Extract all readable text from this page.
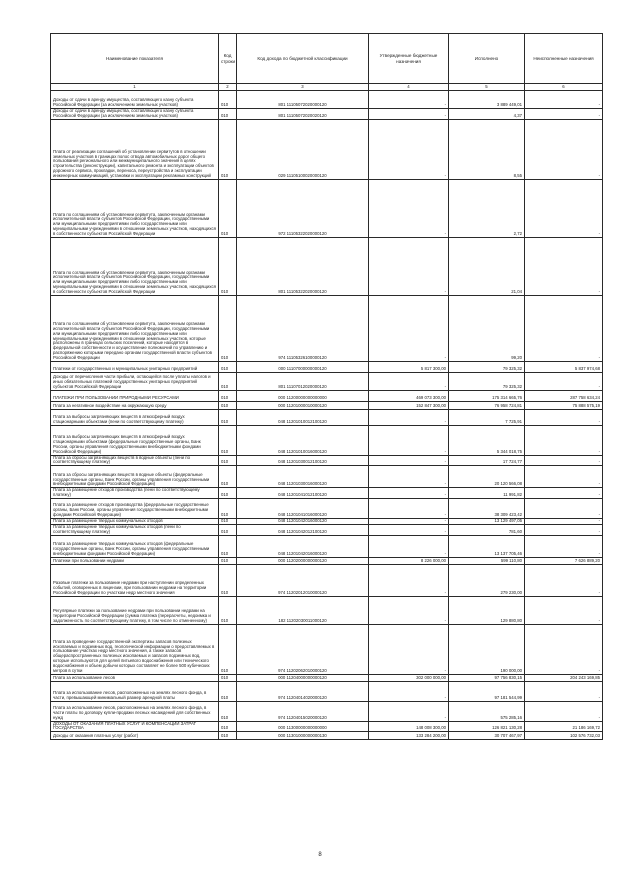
Наименование показателя	Код строки	Код дохода по бюджетной классификации	Утвержденные бюджетные назначения	Исполнено	Неисполненные назначения
1	2	3	4	5	6
Доходы от сдачи в аренду имущества, составляющего казну субъекта Российской Федерации (за исключением земельных участков)	010	801 11105072020000120	-	3 889 449,01	-
Доходы от сдачи в аренду имущества, составляющего казну субъекта Российской Федерации (за исключением земельных участков)	010	801 11105072020020120	-	4,37	-
Плата от реализации соглашений об установлении сервитутов в отношении земельных участков в границах полос отвода автомобильных дорог общего пользования регионального или межмуниципального значения в целях строительства (реконструкции), капитального ремонта и эксплуатации объектов дорожного сервиса, прокладки, переноса, переустройства и эксплуатации инженерных коммуникаций, установки и эксплуатации рекламных конструкций	010	029 11105100020000120	-	8,55	-
Плата по соглашениям об установлении сервитута, заключенным органами исполнительной власти субъектов Российской Федерации, государственными или муниципальными предприятиями либо государственными или муниципальными учреждениями в отношении земельных участков, находящихся в собственности субъектов Российской Федерации	010	972 11105322020000120	-	2,72	-
Плата по соглашениям об установлении сервитута, заключенным органами исполнительной власти субъектов Российской Федерации, государственными или муниципальными предприятиями либо государственными или муниципальными учреждениями в отношении земельных участков, находящихся в собственности субъектов Российской Федерации	010	801 11105322020000120	-	21,04	-
Плата по соглашениям об установлении сервитута, заключенным органами исполнительной власти субъектов Российской Федерации, государственными или муниципальными предприятиями либо государственными или муниципальными учреждениями в отношении земельных участков, которые расположены в границах сельских поселений, которые находятся в федеральной собственности и осуществление полномочий по управлению и распоряжению которыми передано органам государственной власти субъектов Российской Федерации	010	974 11105326100000120	-	99,20	-
Платежи от государственных и муниципальных унитарных предприятий	010	000 11107000000000120	5 817 300,00	79 325,32	5 837 974,68
Доходы от перечисления части прибыли, остающейся после уплаты налогов и иных обязательных платежей государственных унитарных предприятий субъектов Российской Федерации	010	801 11107012020000120	-	79 325,32	-
ПЛАТЕЖИ ПРИ ПОЛЬЗОВАНИИ ПРИРОДНЫМИ РЕСУРСАМИ	010	000 11200000000000000	469 073 300,00	175 314 665,76	287 758 634,24
Плата за негативное воздействие на окружающую среду	010	000 11201000010000120	152 847 300,00	76 958 724,81	75 888 575,19
Плата за выбросы загрязняющих веществ в атмосферный воздух стационарными объектами (пени по соответствующему платежу)	010	048 11201010012100120	-	7 725,91	-
Плата за выбросы загрязняющих веществ в атмосферный воздух стационарными объектами (федеральные государственные органы, Банк России, органы управления государственными внебюджетными фондами Российской Федерации)	010	048 11201010016000120	-	5 344 018,75	-
Плата за сбросы загрязняющих веществ в водные объекты (пени по соответствующему платежу)	010	048 11201030012100120	-	17 724,77	-
Плата за сбросы загрязняющих веществ в водные объекты (федеральные государственные органы, Банк России, органы управления государственными внебюджетными фондами Российской Федерации)	010	048 11201030016000120	-	20 120 566,08	-
Плата за размещение отходов производства (пени по соответствующему платежу)	010	048 11201041012100120	-	11 991,82	-
Плата за размещение отходов производства (федеральные государственные органы, Банк России, органы управления государственными внебюджетными фондами Российской Федерации)	010	048 11201041016000120	-	38 309 423,42	-
Плата за размещение твердых коммунальных отходов	010	048 11201042016000120	-	13 129 497,05	-
Плата за размещение твердых коммунальных отходов (пени по соответствующему платежу)	010	048 11201042012100120	-	781,60	-
Плата за размещение твердых коммунальных отходов (федеральные государственные органы, Банк России, органы управления государственными внебюджетными фондами Российской Федерации)	010	048 11201042016000120	-	13 137 705,46	-
Платежи при пользовании недрами	010	000 11202000000000120	8 226 000,00	599 110,80	7 626 889,20
Разовые платежи за пользование недрами при наступлении определенных событий, оговоренных в лицензии, при пользовании недрами на территории Российской Федерации по участкам недр местного значения	010	974 11202012010000120	-	279 230,00	-
Регулярные платежи за пользование недрами при пользовании недрами на территории Российской Федерации (сумма платежа (перерасчеты, недоимка и задолженность по соответствующему платежу, в том числе по отмененному)	010	182 11202030011000120	-	129 880,80	-
Плата за проведение государственной экспертизы запасов полезных ископаемых и подземных вод, геологической информации о предоставляемых в пользование участках недр местного значения, а также запасов общераспространенных полезных ископаемых и запасов подземных вод, которые используются для целей питьевого водоснабжения или технического водоснабжения и объем добычи которых составляет не более 500 кубических метров в сутки	010	974 11202062010000120	-	190 000,00	-
Плата за использование лесов	010	000 11204000000000120	302 000 000,00	97 756 830,15	204 243 169,85
Плата за использование лесов, расположенных на землях лесного фонда, в части, превышающей минимальный размер арендной платы	010	974 11204014020000120	-	97 181 544,99	-
Плата за использование лесов, расположенных на землях лесного фонда, в части платы по договору купли-продажи лесных насаждений для собственных нужд	010	974 11204015020000120	-	575 285,16	-
ДОХОДЫ ОТ ОКАЗАНИЯ ПЛАТНЫХ УСЛУГ И КОМПЕНСАЦИИ ЗАТРАТ ГОСУДАРСТВА	010	000 11300000000000000	148 008 300,00	126 821 130,28	21 186 169,72
Доходы от оказания платных услуг (работ)	010	000 11301000000000130	133 284 200,00	30 707 467,97	102 576 732,03
8
